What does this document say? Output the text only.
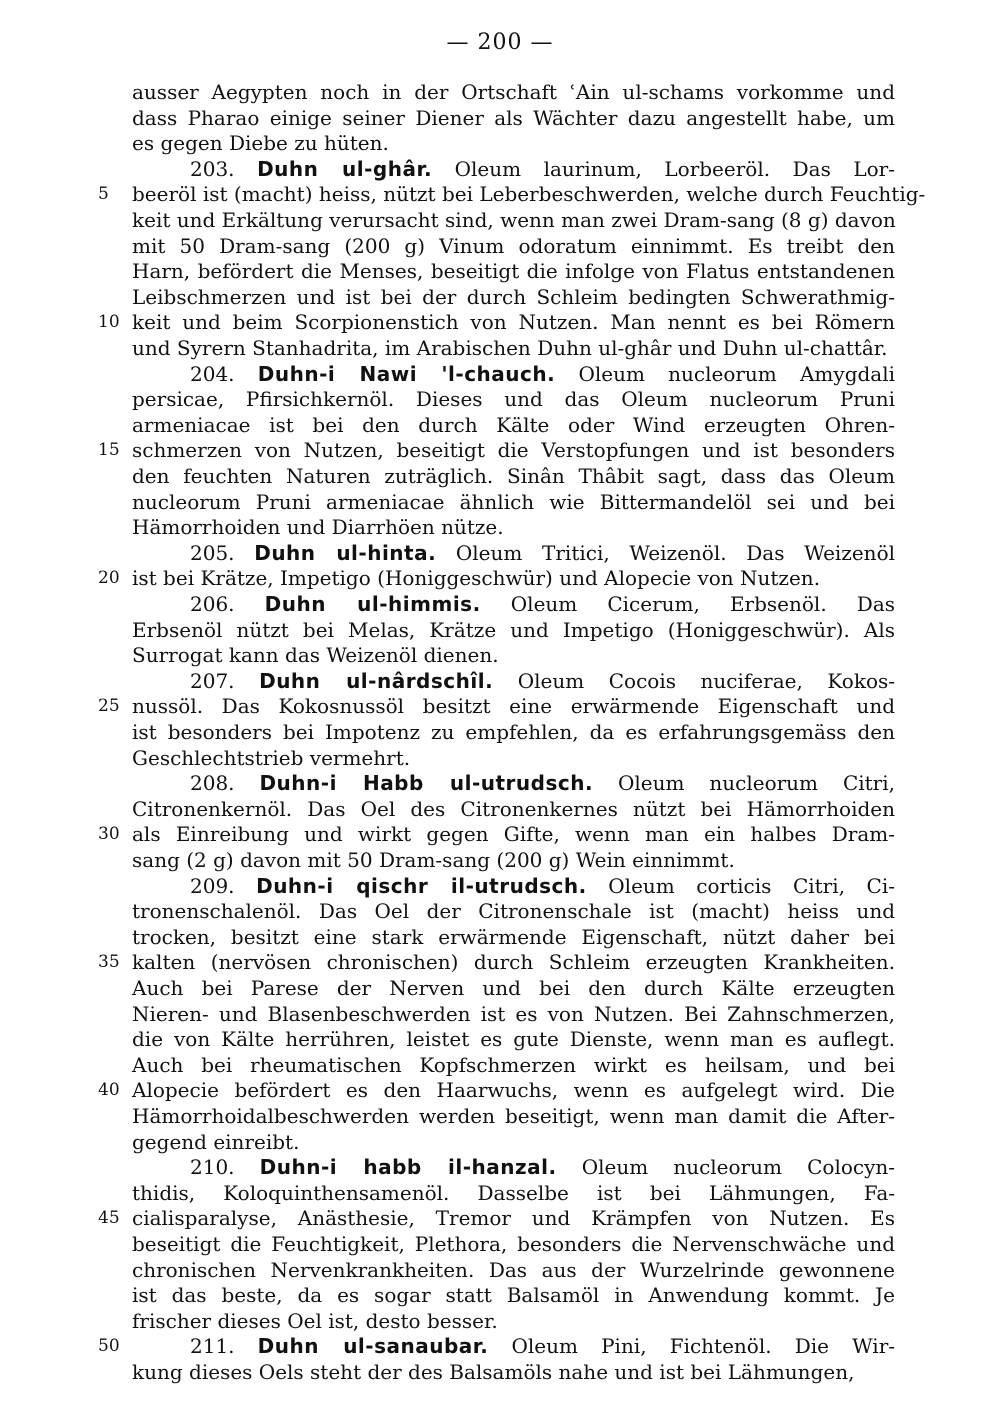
— 200 —
ausser Aegypten noch in der Ortschaft ʿAin ul-schams vorkomme und
dass Pharao einige seiner Diener als Wächter dazu angestellt habe, um
es gegen Diebe zu hüten.
203. Duhn ul-ghâr. Oleum laurinum, Lorbeeröl. Das Lor-
beeröl ist (macht) heiss, nützt bei Leberbeschwerden, welche durch Feuchtig-
keit und Erkältung verursacht sind, wenn man zwei Dram-sang (8 g) davon
mit 50 Dram-sang (200 g) Vinum odoratum einnimmt. Es treibt den
Harn, befördert die Menses, beseitigt die infolge von Flatus entstandenen
Leibschmerzen und ist bei der durch Schleim bedingten Schwerathmig-
keit und beim Scorpionenstich von Nutzen. Man nennt es bei Römern
und Syrern Stanhadrita, im Arabischen Duhn ul-ghâr und Duhn ul-chattâr.
204. Duhn-i Nawi 'l-chauch. Oleum nucleorum Amygdali
persicae, Pfirsichkernöl. Dieses und das Oleum nucleorum Pruni
armeniacae ist bei den durch Kälte oder Wind erzeugten Ohren-
schmerzen von Nutzen, beseitigt die Verstopfungen und ist besonders
den feuchten Naturen zuträglich. Sinân Thâbit sagt, dass das Oleum
nucleorum Pruni armeniacae ähnlich wie Bittermandelöl sei und bei
Hämorrhoiden und Diarrhöen nütze.
205. Duhn ul-hinta. Oleum Tritici, Weizenöl. Das Weizenöl
ist bei Krätze, Impetigo (Honiggeschwür) und Alopecie von Nutzen.
206. Duhn ul-himmis. Oleum Cicerum, Erbsenöl. Das
Erbsenöl nützt bei Melas, Krätze und Impetigo (Honiggeschwür). Als
Surrogat kann das Weizenöl dienen.
207. Duhn ul-nârdschîl. Oleum Cocois nuciferae, Kokos-
nussöl. Das Kokosnussöl besitzt eine erwärmende Eigenschaft und
ist besonders bei Impotenz zu empfehlen, da es erfahrungsgemäss den
Geschlechtstrieb vermehrt.
208. Duhn-i Habb ul-utrudsch. Oleum nucleorum Citri,
Citronenkernöl. Das Oel des Citronenkernes nützt bei Hämorrhoiden
als Einreibung und wirkt gegen Gifte, wenn man ein halbes Dram-
sang (2 g) davon mit 50 Dram-sang (200 g) Wein einnimmt.
209. Duhn-i qischr il-utrudsch. Oleum corticis Citri, Ci-
tronenschalenöl. Das Oel der Citronenschale ist (macht) heiss und
trocken, besitzt eine stark erwärmende Eigenschaft, nützt daher bei
kalten (nervösen chronischen) durch Schleim erzeugten Krankheiten.
Auch bei Parese der Nerven und bei den durch Kälte erzeugten
Nieren- und Blasenbeschwerden ist es von Nutzen. Bei Zahnschmerzen,
die von Kälte herrühren, leistet es gute Dienste, wenn man es auflegt.
Auch bei rheumatischen Kopfschmerzen wirkt es heilsam, und bei
Alopecie befördert es den Haarwuchs, wenn es aufgelegt wird. Die
Hämorrhoidalbeschwerden werden beseitigt, wenn man damit die After-
gegend einreibt.
210. Duhn-i habb il-hanzal. Oleum nucleorum Colocyn-
thidis, Koloquinthensamenöl. Dasselbe ist bei Lähmungen, Fa-
cialisparalyse, Anästhesie, Tremor und Krämpfen von Nutzen. Es
beseitigt die Feuchtigkeit, Plethora, besonders die Nervenschwäche und
chronischen Nervenkrankheiten. Das aus der Wurzelrinde gewonnene
ist das beste, da es sogar statt Balsamöl in Anwendung kommt. Je
frischer dieses Oel ist, desto besser.
211. Duhn ul-sanaubar. Oleum Pini, Fichtenöl. Die Wir-
kung dieses Oels steht der des Balsamöls nahe und ist bei Lähmungen,
5
10
15
20
25
30
35
40
45
50
